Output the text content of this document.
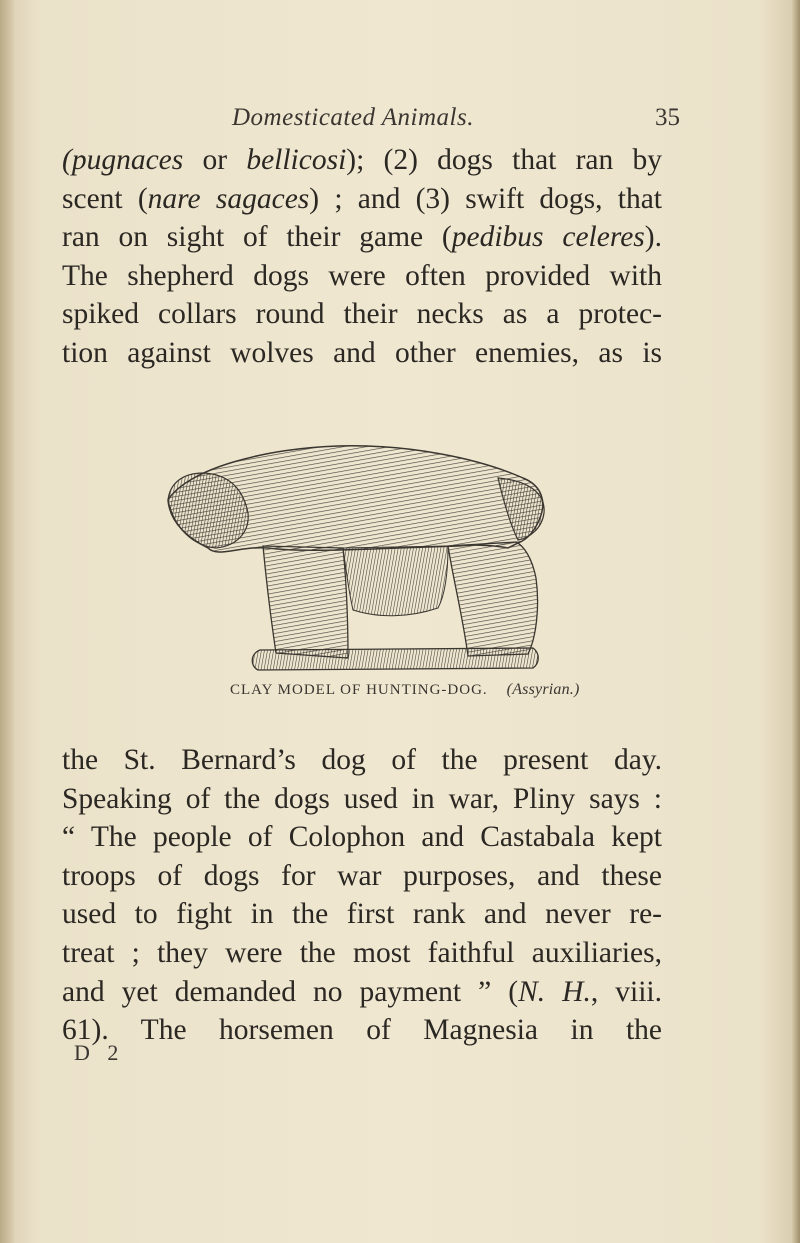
Domesticated Animals.	35
(pugnaces or bellicosi); (2) dogs that ran by
scent (nare sagaces) ; and (3) swift dogs, that
ran on sight of their game (pedibus celeres).
The shepherd dogs were often provided with
spiked collars round their necks as a protec-
tion against wolves and other enemies, as is
CLAY MODEL OF HUNTING-DOG. (Assyrian.)
the St. Bernard’s dog of the present day.
Speaking of the dogs used in war, Pliny says :
“ The people of Colophon and Castabala kept
troops of dogs for war purposes, and these
used to fight in the first rank and never re-
treat ; they were the most faithful auxiliaries,
and yet demanded no payment ” (N. H., viii.
61). The horsemen of Magnesia in the
D 2
